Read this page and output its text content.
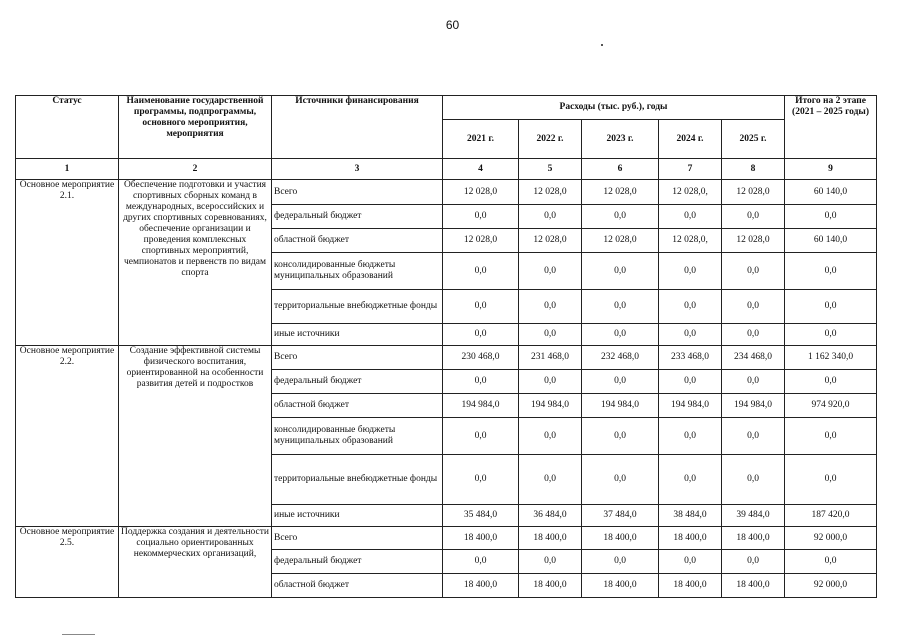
60
Статус	Наименование государственной программы, подпрограммы, основного мероприятия, мероприятия	Источники финансирования	Расходы (тыс. руб.), годы					Итого на 2 этапе (2021 – 2025 годы)
			2021 г.	2022 г.	2023 г.	2024 г.	2025 г.	
1	2	3	4	5	6	7	8	9
Основное мероприятие 2.1.	Обеспечение подготовки и участия спортивных сборных команд в международных, всероссийских и других спортивных соревнованиях, обеспечение организации и проведения комплексных спортивных мероприятий, чемпионатов и первенств по видам спорта	Всего	12 028,0	12 028,0	12 028,0	12 028,0,	12 028,0	60 140,0
		федеральный бюджет	0,0	0,0	0,0	0,0	0,0	0,0
		областной бюджет	12 028,0	12 028,0	12 028,0	12 028,0,	12 028,0	60 140,0
		консолидированные бюджеты муниципальных образований	0,0	0,0	0,0	0,0	0,0	0,0
		территориальные внебюджетные фонды	0,0	0,0	0,0	0,0	0,0	0,0
		иные источники	0,0	0,0	0,0	0,0	0,0	0,0
Основное мероприятие 2.2.	Создание эффективной системы физического воспитания, ориентированной на особенности развития детей и подростков	Всего	230 468,0	231 468,0	232 468,0	233 468,0	234 468,0	1 162 340,0
		федеральный бюджет	0,0	0,0	0,0	0,0	0,0	0,0
		областной бюджет	194 984,0	194 984,0	194 984,0	194 984,0	194 984,0	974 920,0
		консолидированные бюджеты муниципальных образований	0,0	0,0	0,0	0,0	0,0	0,0
		территориальные внебюджетные фонды	0,0	0,0	0,0	0,0	0,0	0,0
		иные источники	35 484,0	36 484,0	37 484,0	38 484,0	39 484,0	187 420,0
Основное мероприятие 2.5.	Поддержка создания и деятельности социально ориентированных некоммерческих организаций,	Всего	18 400,0	18 400,0	18 400,0	18 400,0	18 400,0	92 000,0
		федеральный бюджет	0,0	0,0	0,0	0,0	0,0	0,0
		областной бюджет	18 400,0	18 400,0	18 400,0	18 400,0	18 400,0	92 000,0
